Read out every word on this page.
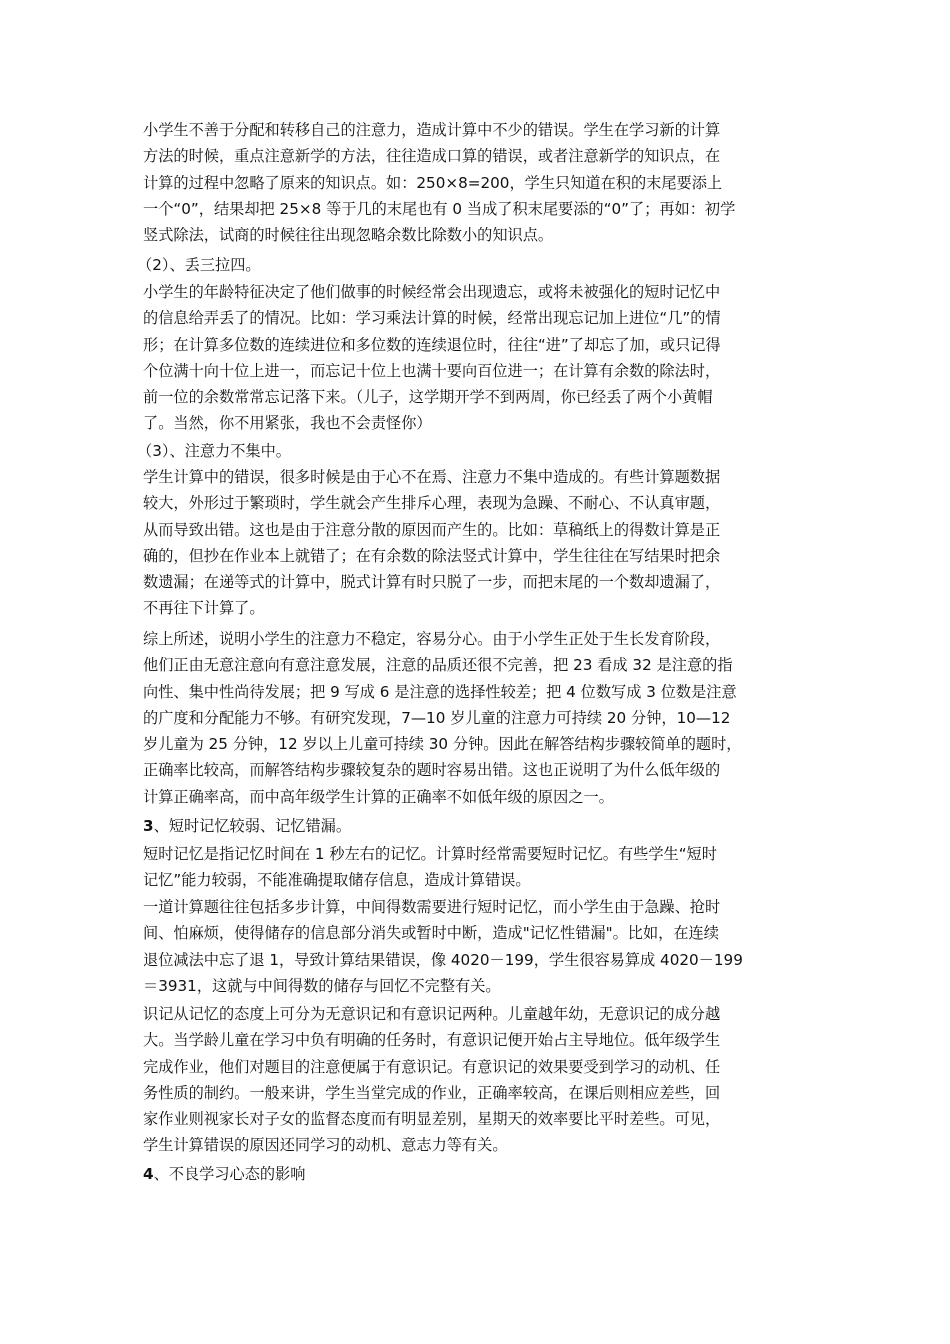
小学生不善于分配和转移自己的注意力，造成计算中不少的错误。学生在学习新的计算
方法的时候，重点注意新学的方法，往往造成口算的错误，或者注意新学的知识点，在
计算的过程中忽略了原来的知识点。如：250×8=200，学生只知道在积的末尾要添上
一个“0”，结果却把 25×8 等于几的末尾也有 0 当成了积末尾要添的“0”了；再如：初学
竖式除法，试商的时候往往出现忽略余数比除数小的知识点。
（2）、丢三拉四。
小学生的年龄特征决定了他们做事的时候经常会出现遗忘，或将未被强化的短时记忆中
的信息给弄丢了的情况。比如：学习乘法计算的时候，经常出现忘记加上进位“几”的情
形；在计算多位数的连续进位和多位数的连续退位时，往往“进”了却忘了加，或只记得
个位满十向十位上进一，而忘记十位上也满十要向百位进一；在计算有余数的除法时，
前一位的余数常常忘记落下来。（儿子，这学期开学不到两周，你已经丢了两个小黄帽
了。当然，你不用紧张，我也不会责怪你）
（3）、注意力不集中。
学生计算中的错误，很多时候是由于心不在焉、注意力不集中造成的。有些计算题数据
较大，外形过于繁琐时，学生就会产生排斥心理，表现为急躁、不耐心、不认真审题，
从而导致出错。这也是由于注意分散的原因而产生的。比如：草稿纸上的得数计算是正
确的，但抄在作业本上就错了；在有余数的除法竖式计算中，学生往往在写结果时把余
数遗漏；在递等式的计算中，脱式计算有时只脱了一步，而把末尾的一个数却遗漏了，
不再往下计算了。
综上所述，说明小学生的注意力不稳定，容易分心。由于小学生正处于生长发育阶段，
他们正由无意注意向有意注意发展，注意的品质还很不完善，把 23 看成 32 是注意的指
向性、集中性尚待发展；把 9 写成 6 是注意的选择性较差；把 4 位数写成 3 位数是注意
的广度和分配能力不够。有研究发现，7—10 岁儿童的注意力可持续 20 分钟，10—12
岁儿童为 25 分钟，12 岁以上儿童可持续 30 分钟。因此在解答结构步骤较简单的题时，
正确率比较高，而解答结构步骤较复杂的题时容易出错。这也正说明了为什么低年级的
计算正确率高，而中高年级学生计算的正确率不如低年级的原因之一。
3、短时记忆较弱、记忆错漏。
短时记忆是指记忆时间在 1 秒左右的记忆。计算时经常需要短时记忆。有些学生“短时
记忆”能力较弱，不能准确提取储存信息，造成计算错误。
一道计算题往往包括多步计算，中间得数需要进行短时记忆，而小学生由于急躁、抢时
间、怕麻烦，使得储存的信息部分消失或暂时中断，造成"记忆性错漏"。比如，在连续
退位减法中忘了退 1，导致计算结果错误，像 4020－199，学生很容易算成 4020－199
＝3931，这就与中间得数的储存与回忆不完整有关。
识记从记忆的态度上可分为无意识记和有意识记两种。儿童越年幼，无意识记的成分越
大。当学龄儿童在学习中负有明确的任务时，有意识记便开始占主导地位。低年级学生
完成作业，他们对题目的注意便属于有意识记。有意识记的效果要受到学习的动机、任
务性质的制约。一般来讲，学生当堂完成的作业，正确率较高，在课后则相应差些，回
家作业则视家长对子女的监督态度而有明显差别，星期天的效率要比平时差些。可见，
学生计算错误的原因还同学习的动机、意志力等有关。
4、不良学习心态的影响
